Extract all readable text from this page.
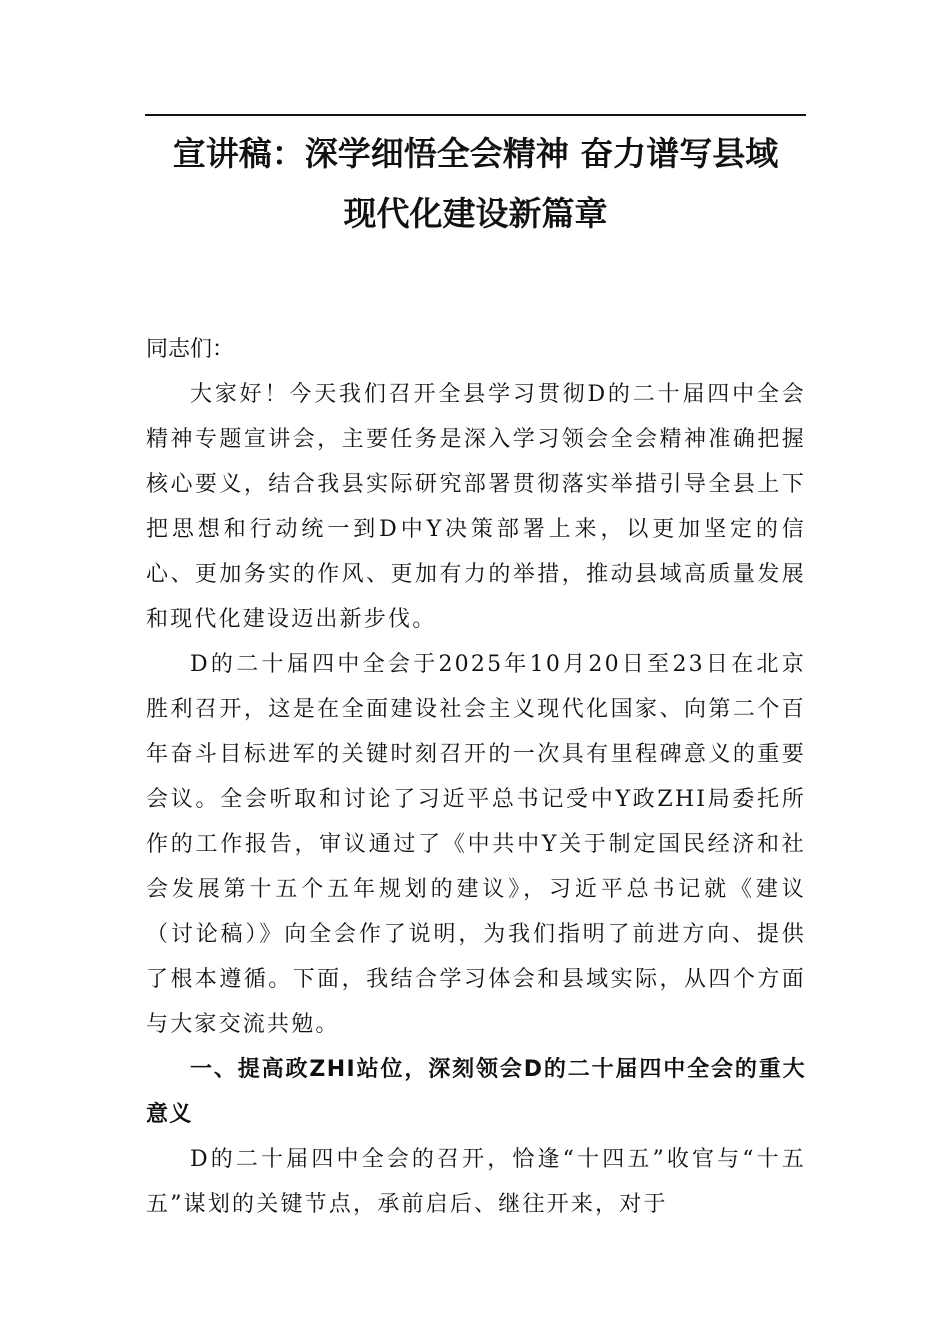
宣讲稿：深学细悟全会精神 奋力谱写县域
现代化建设新篇章

同志们：

大家好！今天我们召开全县学习贯彻D的二十届四中全会精神专题宣讲会，主要任务是深入学习领会全会精神准确把握核心要义，结合我县实际研究部署贯彻落实举措引导全县上下把思想和行动统一到D中Y决策部署上来，以更加坚定的信心、更加务实的作风、更加有力的举措，推动县域高质量发展和现代化建设迈出新步伐。

D的二十届四中全会于2025年10月20日至23日在北京胜利召开，这是在全面建设社会主义现代化国家、向第二个百年奋斗目标进军的关键时刻召开的一次具有里程碑意义的重要会议。全会听取和讨论了习近平总书记受中Y政ZHI局委托所作的工作报告，审议通过了《中共中Y关于制定国民经济和社会发展第十五个五年规划的建议》，习近平总书记就《建议（讨论稿）》向全会作了说明，为我们指明了前进方向、提供了根本遵循。下面，我结合学习体会和县域实际，从四个方面与大家交流共勉。

一、提高政ZHI站位，深刻领会D的二十届四中全会的重大意义

D的二十届四中全会的召开，恰逢“十四五”收官与“十五五”谋划的关键节点，承前启后、继往开来，对于
